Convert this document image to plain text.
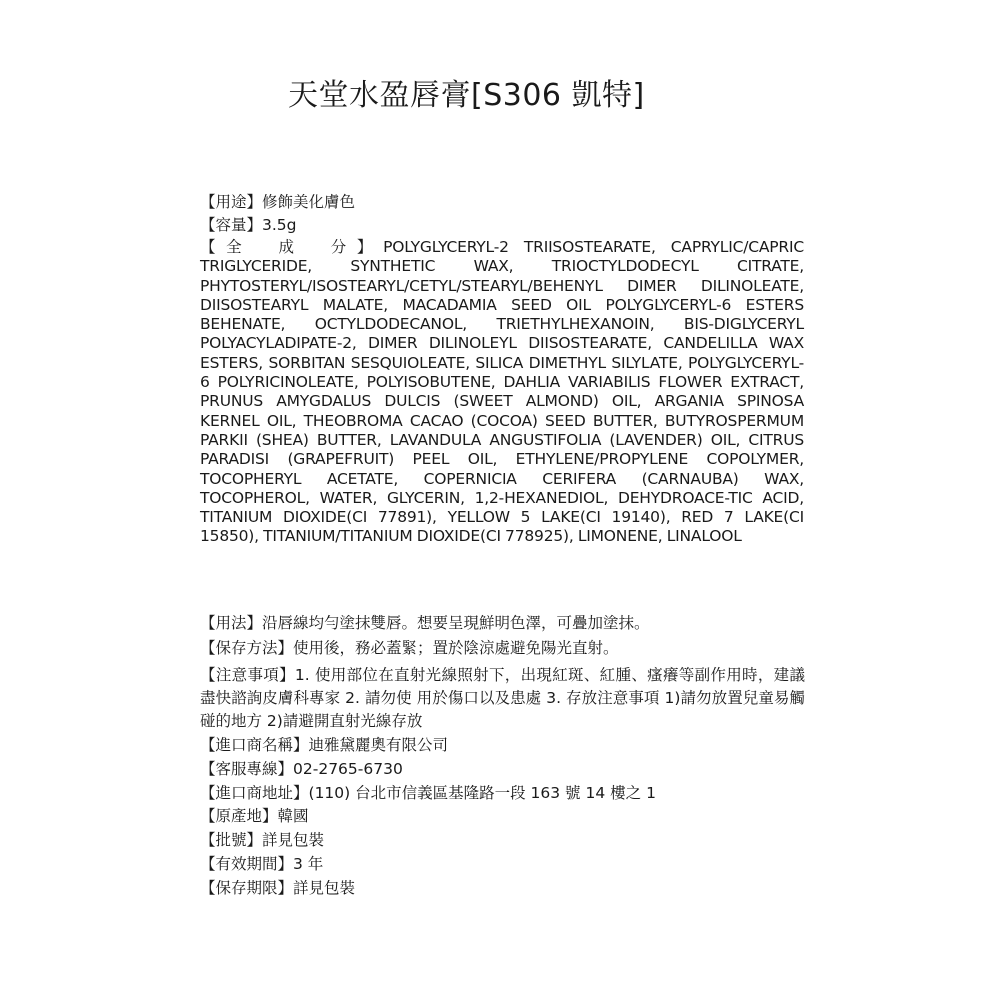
天堂水盈唇膏[S306 凱特]
【用途】修飾美化膚色
【容量】3.5g
【全　成　分】POLYGLYCERYL-2 TRIISOSTEARATE, CAPRYLIC/CAPRIC TRIGLYCERIDE, SYNTHETIC WAX, TRIOCTYLDODECYL CITRATE, PHYTOSTERYL/ISOSTEARYL/CETYL/STEARYL/BEHENYL DIMER DILINOLEATE, DIISOSTEARYL MALATE, MACADAMIA SEED OIL POLYGLYCERYL-6 ESTERS BEHENATE, OCTYLDODECANOL, TRIETHYLHEXANOIN, BIS-DIGLYCERYL POLYACYLADIPATE-2, DIMER DILINOLEYL DIISOSTEARATE, CANDELILLA WAX ESTERS, SORBITAN SESQUIOLEATE, SILICA DIMETHYL SILYLATE, POLYGLYCERYL-6 POLYRICINOLEATE, POLYISOBUTENE, DAHLIA VARIABILIS FLOWER EXTRACT, PRUNUS AMYGDALUS DULCIS (SWEET ALMOND) OIL, ARGANIA SPINOSA KERNEL OIL, THEOBROMA CACAO (COCOA) SEED BUTTER, BUTYROSPERMUM PARKII (SHEA) BUTTER, LAVANDULA ANGUSTIFOLIA (LAVENDER) OIL, CITRUS PARADISI (GRAPEFRUIT) PEEL OIL, ETHYLENE/PROPYLENE COPOLYMER, TOCOPHERYL ACETATE, COPERNICIA CERIFERA (CARNAUBA) WAX, TOCOPHEROL, WATER, GLYCERIN, 1,2-HEXANEDIOL, DEHYDROACE-TIC ACID, TITANIUM DIOXIDE(CI 77891), YELLOW 5 LAKE(CI 19140), RED 7 LAKE(CI 15850), TITANIUM/TITANIUM DIOXIDE(CI 778925), LIMONENE, LINALOOL
【用法】沿唇線均勻塗抹雙唇。想要呈現鮮明色澤，可疊加塗抹。
【保存方法】使用後，務必蓋緊；置於陰涼處避免陽光直射。
【注意事項】1. 使用部位在直射光線照射下，出現紅斑、紅腫、瘙癢等副作用時，建議盡快諮詢皮膚科專家 2. 請勿使 用於傷口以及患處 3. 存放注意事項 1)請勿放置兒童易觸碰的地方 2)請避開直射光線存放
【進口商名稱】迪雅黛麗奧有限公司
【客服專線】02-2765-6730
【進口商地址】(110) 台北市信義區基隆路一段 163 號 14 樓之 1
【原產地】韓國
【批號】詳見包裝
【有效期間】3 年
【保存期限】詳見包裝
